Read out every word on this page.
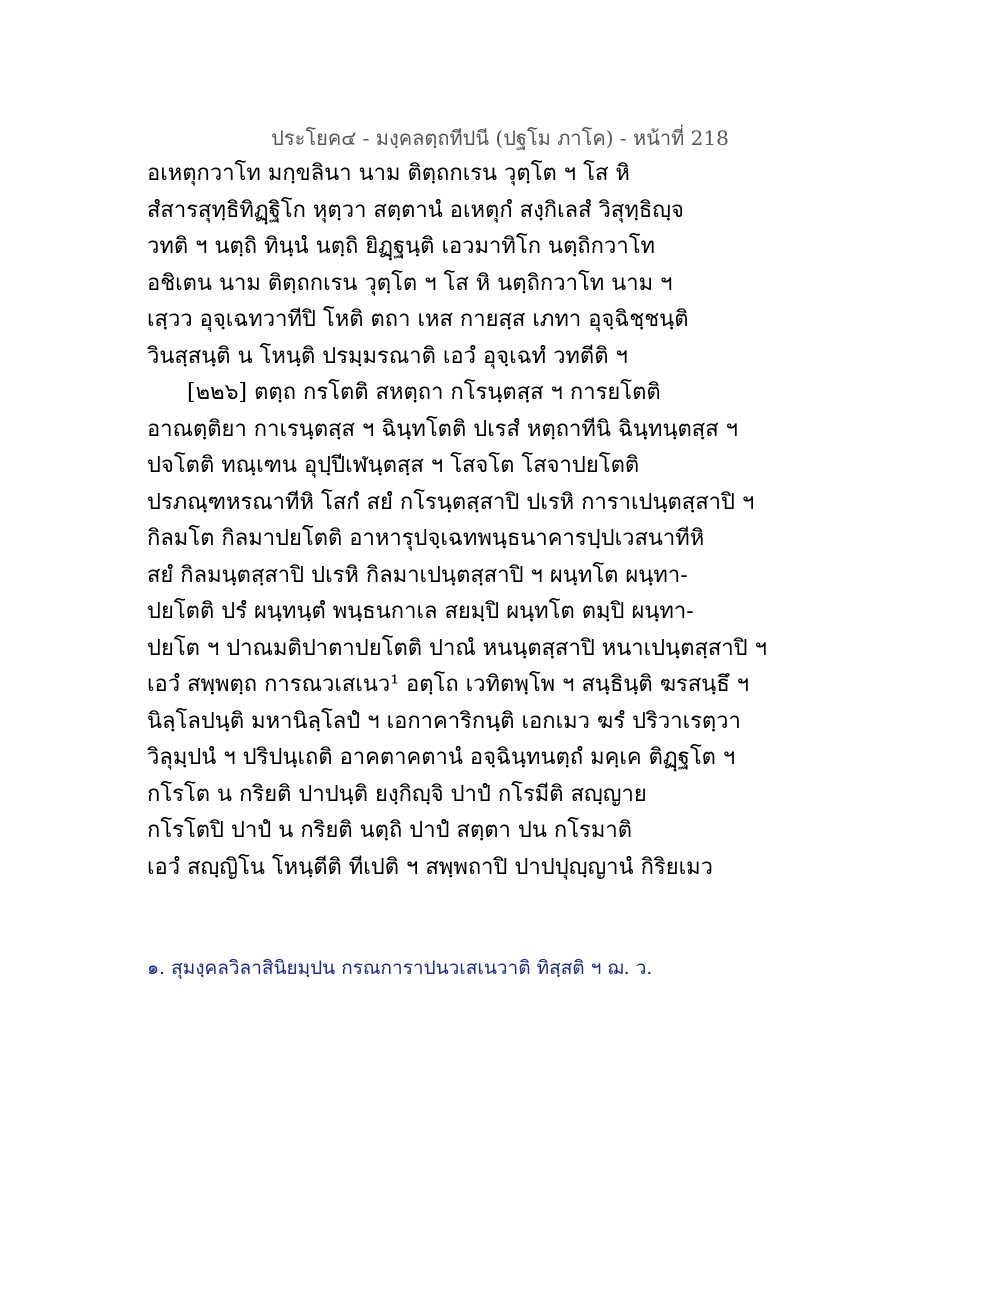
ประโยค๔ - มงฺคลตฺถทีปนี (ปฐโม ภาโค) - หน้าที่ 218
อเหตุกวาโท มกฺขลินา นาม ติตฺถกเรน วุตฺโต ฯ โส หิ
สํสารสุทฺธิทิฏฺฐิโก หุตฺวา สตฺตานํ อเหตุกํ สงฺกิเลสํ วิสุทฺธิญฺจ
วทติ ฯ นตฺถิ ทินฺนํ นตฺถิ ยิฏฺฐนฺติ เอวมาทิโก นตฺถิกวาโท
อชิเตน นาม ติตฺถกเรน วุตฺโต ฯ โส หิ นตฺถิกวาโท นาม ฯ
เสฺวว อุจฺเฉทวาทีปิ โหติ ตถา เหส กายสฺส เภทา อุจฺฉิชฺชนฺติ
วินสฺสนฺติ น โหนฺติ ปรมฺมรณาติ เอวํ อุจฺเฉทํ วทตีติ ฯ
[๒๒๖] ตตฺถ กรโตติ สหตฺถา กโรนฺตสฺส ฯ การยโตติ
อาณตฺติยา กาเรนฺตสฺส ฯ ฉินฺทโตติ ปเรสํ หตฺถาทีนิ ฉินฺทนฺตสฺส ฯ
ปจโตติ ทณฺเฑน อุปฺปีเฬนฺตสฺส ฯ โสจโต โสจาปยโตติ
ปรภณฺฑหรณาทีหิ โสกํ สยํ กโรนฺตสฺสาปิ ปเรหิ การาเปนฺตสฺสาปิ ฯ
กิลมโต กิลมาปยโตติ อาหารุปจฺเฉทพนฺธนาคารปฺปเวสนาทีหิ
สยํ กิลมนฺตสฺสาปิ ปเรหิ กิลมาเปนฺตสฺสาปิ ฯ ผนฺทโต ผนฺทา-
ปยโตติ ปรํ ผนฺทนฺตํ พนฺธนกาเล สยมฺปิ ผนฺทโต ตมฺปิ ผนฺทา-
ปยโต ฯ ปาณมติปาตาปยโตติ ปาณํ หนนฺตสฺสาปิ หนาเปนฺตสฺสาปิ ฯ
เอวํ สพฺพตฺถ การณวเสเนว¹ อตฺโถ เวทิตพฺโพ ฯ สนฺธินฺติ ฆรสนฺธึ ฯ
นิลฺโลปนฺติ มหานิลฺโลปํ ฯ เอกาคาริกนฺติ เอกเมว ฆรํ ปริวาเรตฺวา
วิลุมฺปนํ ฯ ปริปนฺเถติ อาคตาคตานํ อจฺฉินฺทนตฺถํ มคฺเค ติฏฺฐโต ฯ
กโรโต น กริยติ ปาปนฺติ ยงฺกิญฺจิ ปาปํ กโรมีติ สญฺญาย
กโรโตปิ ปาปํ น กริยติ นตฺถิ ปาปํ สตฺตา ปน กโรมาติ
เอวํ สญฺญิโน โหนฺตีติ ทีเปติ ฯ สพฺพถาปิ ปาปปุญฺญานํ กิริยเมว
๑. สุมงฺคลวิลาสินิยมฺปน กรณการาปนวเสเนวาติ ทิสฺสติ ฯ ฌ. ว.
